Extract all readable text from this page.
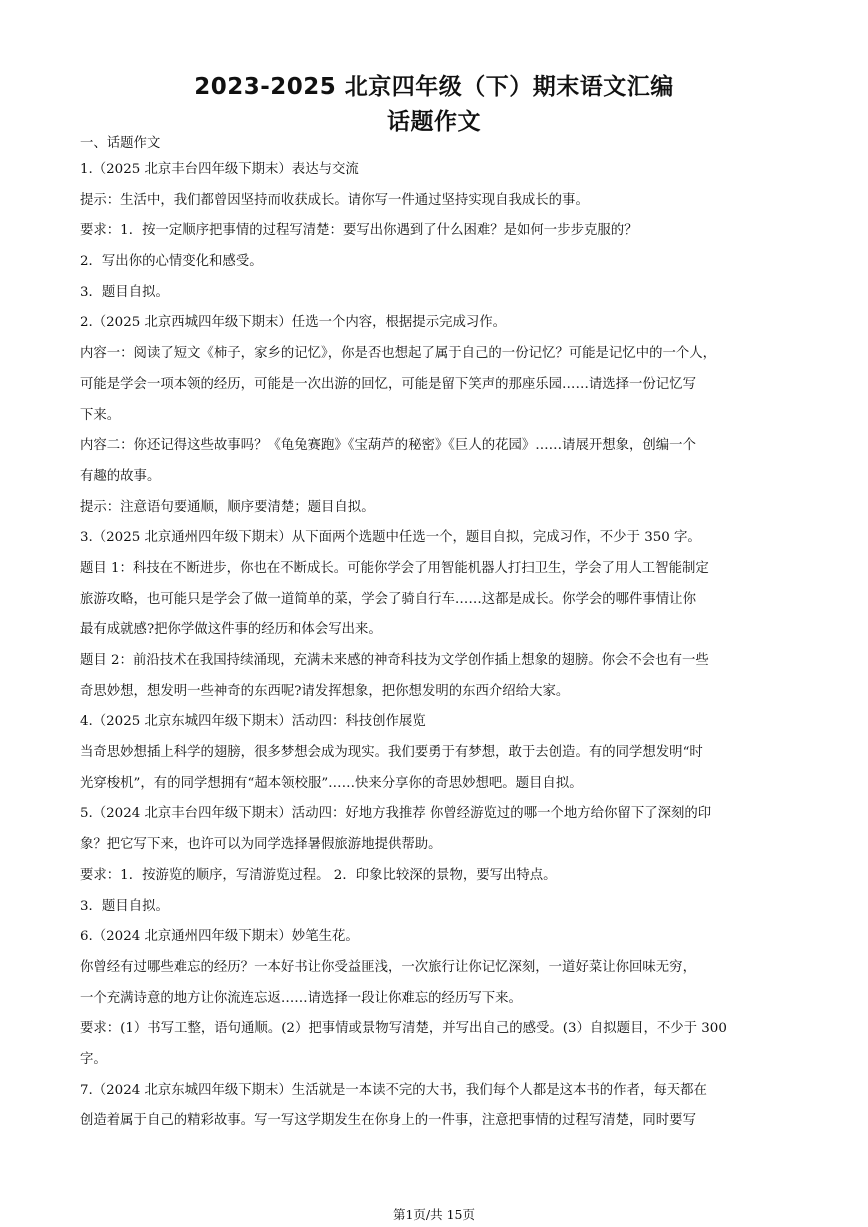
2023-2025 北京四年级（下）期末语文汇编
话题作文
一、话题作文
1.（2025 北京丰台四年级下期末）表达与交流
提示：生活中，我们都曾因坚持而收获成长。请你写一件通过坚持实现自我成长的事。
要求：1．按一定顺序把事情的过程写清楚：要写出你遇到了什么困难？是如何一步步克服的？
2．写出你的心情变化和感受。
3．题目自拟。
2.（2025 北京西城四年级下期末）任选一个内容，根据提示完成习作。
内容一：阅读了短文《柿子，家乡的记忆》，你是否也想起了属于自己的一份记忆？可能是记忆中的一个人，
可能是学会一项本领的经历，可能是一次出游的回忆，可能是留下笑声的那座乐园……请选择一份记忆写
下来。
内容二：你还记得这些故事吗？《龟兔赛跑》《宝葫芦的秘密》《巨人的花园》……请展开想象，创编一个
有趣的故事。
提示：注意语句要通顺，顺序要清楚；题目自拟。
3.（2025 北京通州四年级下期末）从下面两个选题中任选一个，题目自拟，完成习作，不少于 350 字。
题目 1：科技在不断进步，你也在不断成长。可能你学会了用智能机器人打扫卫生，学会了用人工智能制定
旅游攻略，也可能只是学会了做一道简单的菜，学会了骑自行车……这都是成长。你学会的哪件事情让你
最有成就感?把你学做这件事的经历和体会写出来。
题目 2：前沿技术在我国持续涌现，充满未来感的神奇科技为文学创作插上想象的翅膀。你会不会也有一些
奇思妙想，想发明一些神奇的东西呢?请发挥想象，把你想发明的东西介绍给大家。
4.（2025 北京东城四年级下期末）活动四：科技创作展览
当奇思妙想插上科学的翅膀，很多梦想会成为现实。我们要勇于有梦想，敢于去创造。有的同学想发明“时
光穿梭机”，有的同学想拥有“超本领校服”……快来分享你的奇思妙想吧。题目自拟。
5.（2024 北京丰台四年级下期末）活动四：好地方我推荐 你曾经游览过的哪一个地方给你留下了深刻的印
象？把它写下来，也许可以为同学选择暑假旅游地提供帮助。
要求：1．按游览的顺序，写清游览过程。 2．印象比较深的景物，要写出特点。
3．题目自拟。
6.（2024 北京通州四年级下期末）妙笔生花。
你曾经有过哪些难忘的经历？一本好书让你受益匪浅，一次旅行让你记忆深刻，一道好菜让你回味无穷，
一个充满诗意的地方让你流连忘返……请选择一段让你难忘的经历写下来。
要求：(1）书写工整，语句通顺。(2）把事情或景物写清楚，并写出自己的感受。(3）自拟题目，不少于 300
字。
7.（2024 北京东城四年级下期末）生活就是一本读不完的大书，我们每个人都是这本书的作者，每天都在
创造着属于自己的精彩故事。写一写这学期发生在你身上的一件事，注意把事情的过程写清楚，同时要写
第1页/共 15页
